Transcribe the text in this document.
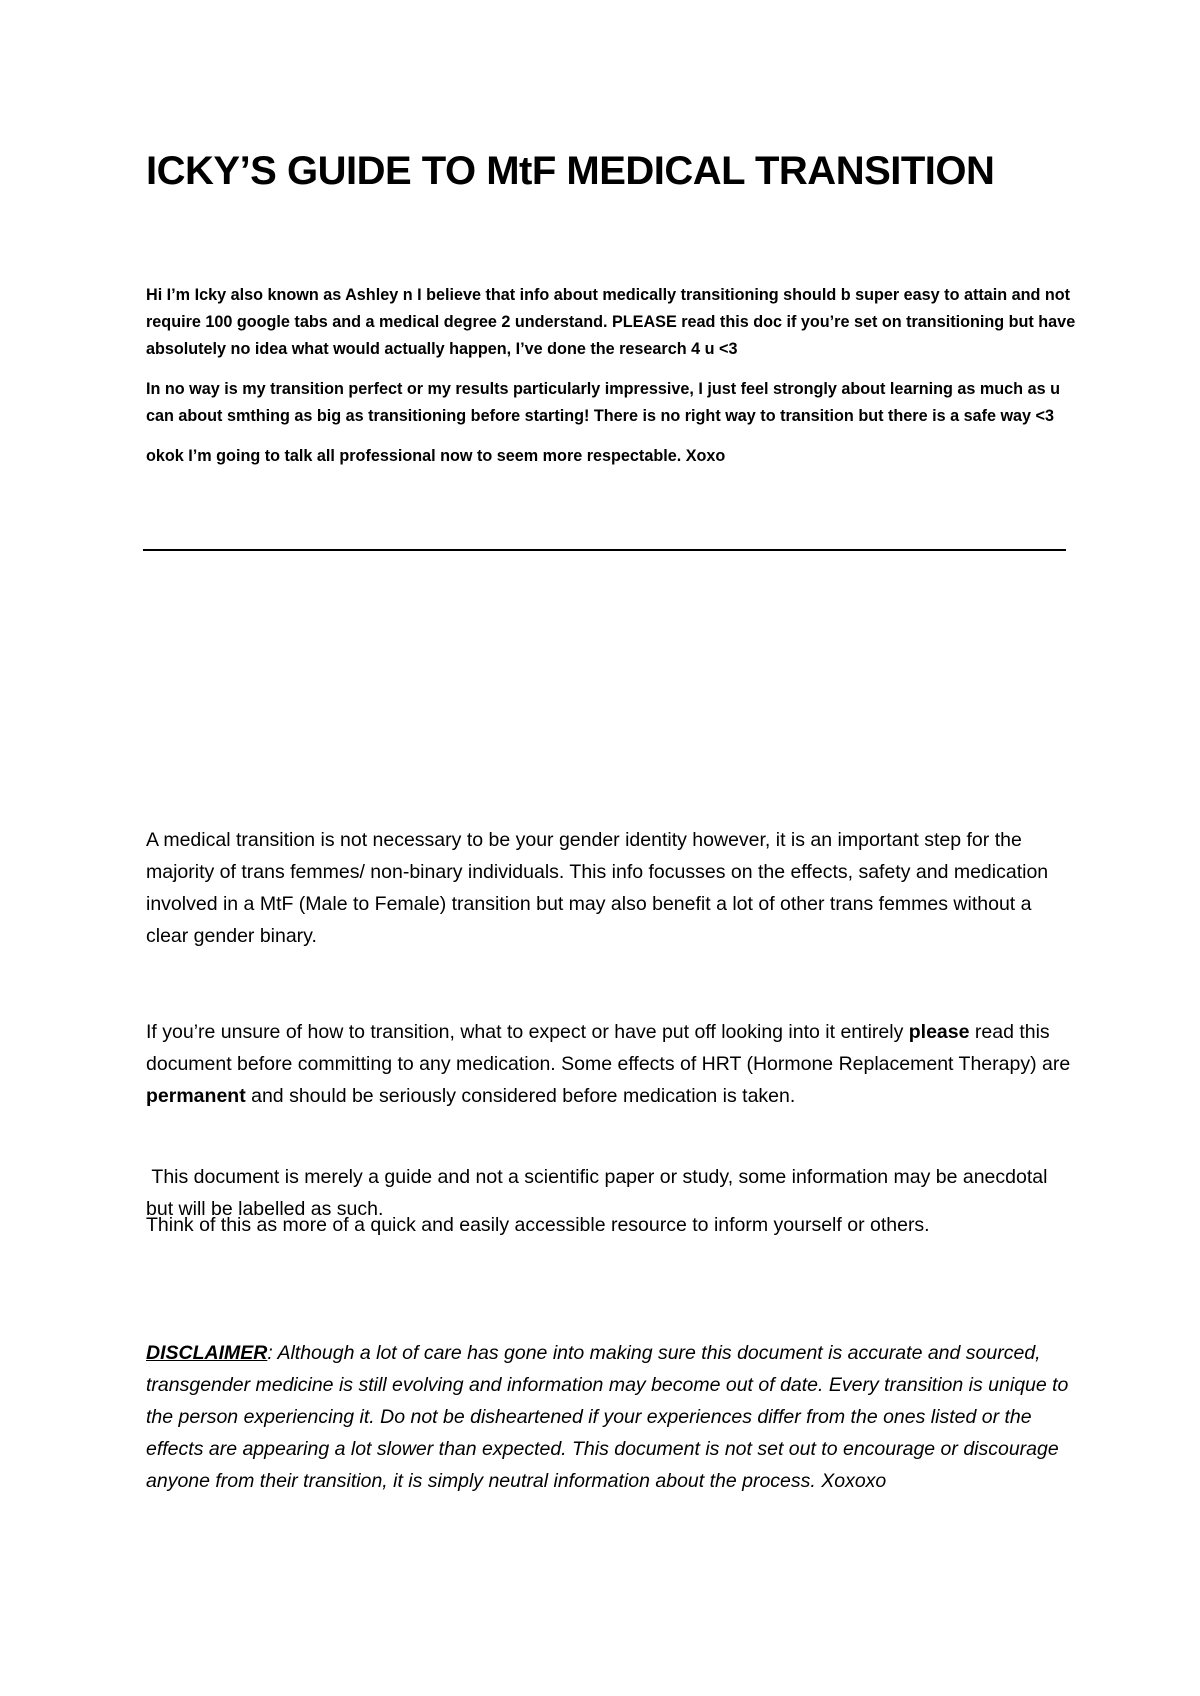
ICKY’S GUIDE TO MtF MEDICAL TRANSITION

Hi I’m Icky also known as Ashley n I believe that info about medically transitioning should b super easy to attain and not require 100 google tabs and a medical degree 2 understand. PLEASE read this doc if you’re set on transitioning but have absolutely no idea what would actually happen, I’ve done the research 4 u <3

In no way is my transition perfect or my results particularly impressive, I just feel strongly about learning as much as u can about smthing as big as transitioning before starting! There is no right way to transition but there is a safe way <3

okok I’m going to talk all professional now to seem more respectable. Xoxo

A medical transition is not necessary to be your gender identity however, it is an important step for the majority of trans femmes/ non-binary individuals. This info focusses on the effects, safety and medication involved in a MtF (Male to Female) transition but may also benefit a lot of other trans femmes without a clear gender binary.

If you’re unsure of how to transition, what to expect or have put off looking into it entirely please read this document before committing to any medication. Some effects of HRT (Hormone Replacement Therapy) are permanent and should be seriously considered before medication is taken.

This document is merely a guide and not a scientific paper or study, some information may be anecdotal but will be labelled as such.

Think of this as more of a quick and easily accessible resource to inform yourself or others.

DISCLAIMER: Although a lot of care has gone into making sure this document is accurate and sourced, transgender medicine is still evolving and information may become out of date. Every transition is unique to the person experiencing it. Do not be disheartened if your experiences differ from the ones listed or the effects are appearing a lot slower than expected. This document is not set out to encourage or discourage anyone from their transition, it is simply neutral information about the process. Xoxoxo
